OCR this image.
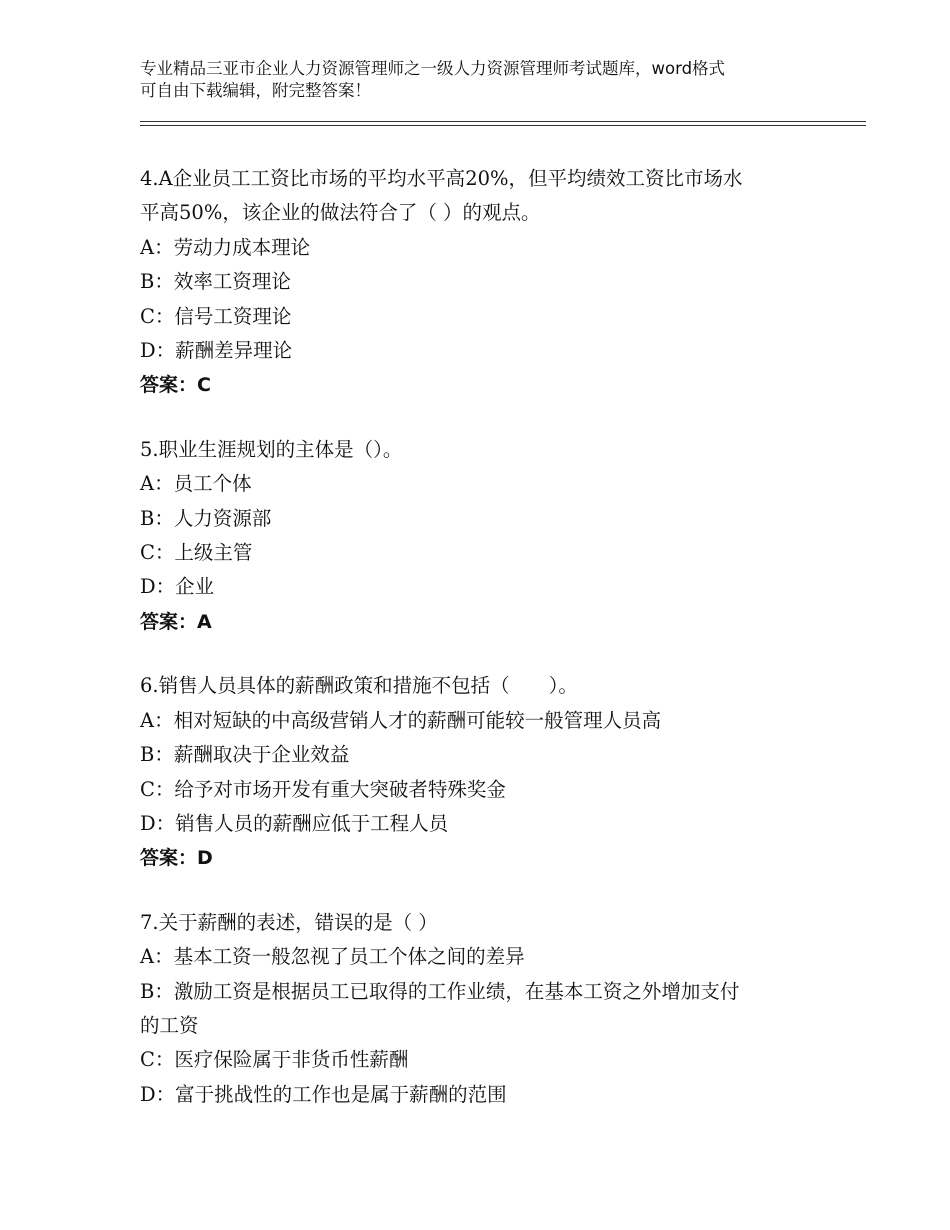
专业精品三亚市企业人力资源管理师之一级人力资源管理师考试题库，word格式
可自由下载编辑，附完整答案！
4.A企业员工工资比市场的平均水平高20%，但平均绩效工资比市场水
平高50%，该企业的做法符合了（ ）的观点。
A：劳动力成本理论
B：效率工资理论
C：信号工资理论
D：薪酬差异理论
答案：C
5.职业生涯规划的主体是（）。
A：员工个体
B：人力资源部
C：上级主管
D：企业
答案：A
6.销售人员具体的薪酬政策和措施不包括（　　）。
A：相对短缺的中高级营销人才的薪酬可能较一般管理人员高
B：薪酬取决于企业效益
C：给予对市场开发有重大突破者特殊奖金
D：销售人员的薪酬应低于工程人员
答案：D
7.关于薪酬的表述，错误的是（ ）
A：基本工资一般忽视了员工个体之间的差异
B：激励工资是根据员工已取得的工作业绩，在基本工资之外增加支付
的工资
C：医疗保险属于非货币性薪酬
D：富于挑战性的工作也是属于薪酬的范围
